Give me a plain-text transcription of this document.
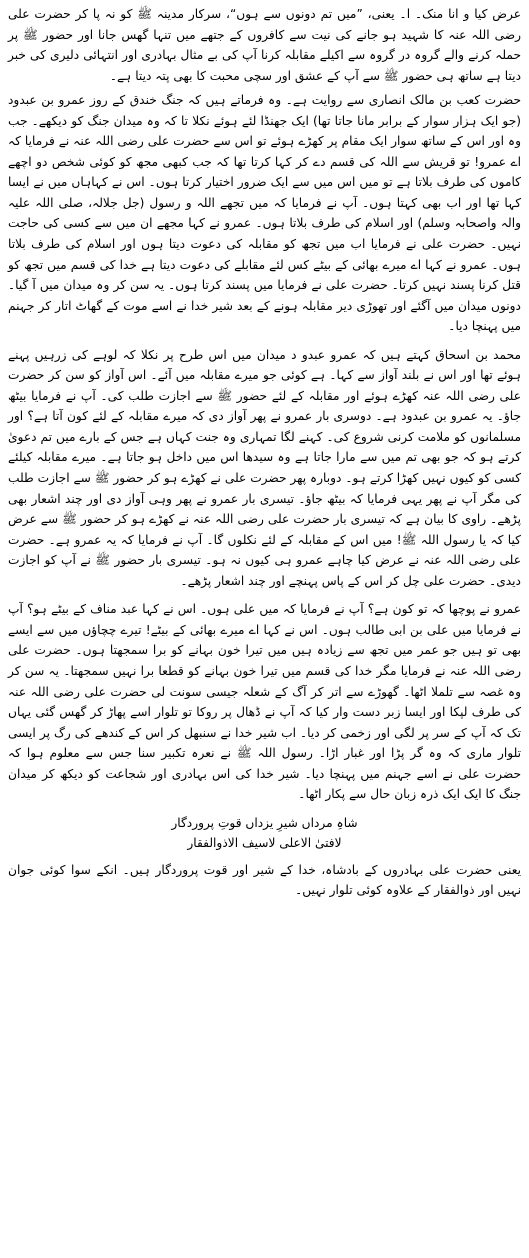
عرض کیا و انا منک۔ ا۔ یعنی، ”میں تم دونوں سے ہوں“، سرکار مدینہ ﷺ کو نہ پا کر حضرت علی رضی اللہ عنہ کا شہید ہو جانے کی نیت سے کافروں کے جتھے میں تنہا گھس جانا اور حضور ﷺ پر حملہ کرنے والے گروہ در گروہ سے اکیلے مقابلہ کرنا آپ کی بے مثال بہادری اور انتہائی دلیری کی خبر دیتا ہے ساتھ ہی حضور ﷺ سے آپ کے عشق اور سچی محبت کا بھی پتہ دیتا ہے۔

حضرت کعب بن مالک انصاری سے روایت ہے۔ وہ فرماتے ہیں کہ جنگ خندق کے روز عمرو بن عبدود (جو ایک ہزار سوار کے برابر مانا جاتا تھا) ایک جھنڈا لئے ہوئے نکلا تا کہ وہ میدان جنگ کو دیکھے۔ جب وہ اور اس کے ساتھ سوار ایک مقام پر کھڑے ہوئے تو اس سے حضرت علی رضی اللہ عنہ نے فرمایا کہ اے عمرو! تو قریش سے اللہ کی قسم دے کر کہا کرتا تھا کہ جب کبھی مجھ کو کوئی شخص دو اچھے کاموں کی طرف بلاتا ہے تو میں اس میں سے ایک ضرور اختیار کرتا ہوں۔ اس نے کہاہاں میں نے ایسا کہا تھا اور اب بھی کہتا ہوں۔ آپ نے فرمایا کہ میں تجھے اللہ و رسول (جل جلالہ، صلی اللہ علیہ والہ واصحابہ وسلم) اور اسلام کی طرف بلاتا ہوں۔ عمرو نے کہا مجھے ان میں سے کسی کی حاجت نہیں۔ حضرت علی نے فرمایا اب میں تجھ کو مقابلہ کی دعوت دیتا ہوں اور اسلام کی طرف بلاتا ہوں۔ عمرو نے کہا اے میرے بھائی کے بیٹے کس لئے مقابلے کی دعوت دیتا ہے خدا کی قسم میں تجھ کو قتل کرنا پسند نہیں کرتا۔ حضرت علی نے فرمایا میں پسند کرتا ہوں۔ یہ سن کر وہ میدان میں آ گیا۔ دونوں میدان میں آگئے اور تھوڑی دیر مقابلہ ہونے کے بعد شیر خدا نے اسے موت کے گھاٹ اتار کر جہنم میں پہنچا دیا۔

محمد بن اسحاق کہتے ہیں کہ عمرو عبدو د میدان میں اس طرح پر نکلا کہ لوہے کی زرہیں پہنے ہوئے تھا اور اس نے بلند آواز سے کہا۔ ہے کوئی جو میرے مقابلہ میں آئے۔ اس آواز کو سن کر حضرت علی رضی اللہ عنہ کھڑے ہوئے اور مقابلہ کے لئے حضور ﷺ سے اجازت طلب کی۔ آپ نے فرمایا بیٹھ جاؤ۔ یہ عمرو بن عبدود ہے۔ دوسری بار عمرو نے پھر آواز دی کہ میرے مقابلہ کے لئے کون آتا ہے؟ اور مسلمانوں کو ملامت کرنی شروع کی۔ کہنے لگا تمہاری وہ جنت کہاں ہے جس کے بارے میں تم دعویٰ کرتے ہو کہ جو بھی تم میں سے مارا جاتا ہے وہ سیدھا اس میں داخل ہو جاتا ہے۔ میرے مقابلہ کیلئے کسی کو کیوں نہیں کھڑا کرتے ہو۔ دوبارہ پھر حضرت علی نے کھڑے ہو کر حضور ﷺ سے اجازت طلب کی مگر آپ نے پھر یہی فرمایا کہ بیٹھ جاؤ۔ تیسری بار عمرو نے پھر وہی آواز دی اور چند اشعار بھی پڑھے۔ راوی کا بیان ہے کہ تیسری بار حضرت علی رضی اللہ عنہ نے کھڑے ہو کر حضور ﷺ سے عرض کیا کہ یا رسول اللہ ﷺ! میں اس کے مقابلہ کے لئے نکلوں گا۔ آپ نے فرمایا کہ یہ عمرو ہے۔ حضرت علی رضی اللہ عنہ نے عرض کیا چاہے عمرو ہی کیوں نہ ہو۔ تیسری بار حضور ﷺ نے آپ کو اجازت دیدی۔ حضرت علی چل کر اس کے پاس پہنچے اور چند اشعار پڑھے۔

عمرو نے پوچھا کہ تو کون ہے؟ آپ نے فرمایا کہ میں علی ہوں۔ اس نے کہا عبد مناف کے بیٹے ہو؟ آپ نے فرمایا میں علی بن ابی طالب ہوں۔ اس نے کہا اے میرے بھائی کے بیٹے! تیرے چچاؤں میں سے ایسے بھی تو ہیں جو عمر میں تجھ سے زیادہ ہیں میں تیرا خون بہانے کو برا سمجھتا ہوں۔ حضرت علی رضی اللہ عنہ نے فرمایا مگر خدا کی قسم میں تیرا خون بہانے کو قطعا برا نہیں سمجھتا۔ یہ سن کر وہ غصہ سے تلملا اٹھا۔ گھوڑے سے اتر کر آگ کے شعلہ جیسی سونت لی حضرت علی رضی اللہ عنہ کی طرف لپکا اور ایسا زبر دست وار کیا کہ آپ نے ڈھال پر روکا تو تلوار اسے پھاڑ کر گھس گئی یہاں تک کہ آپ کے سر پر لگی اور زخمی کر دیا۔ اب شیر خدا نے سنبھل کر اس کے کندھے کی رگ پر ایسی تلوار ماری کہ وہ گر پڑا اور غبار اڑا۔ رسول اللہ ﷺ نے نعرہ تکبیر سنا جس سے معلوم ہوا کہ حضرت علی نے اسے جہنم میں پہنچا دیا۔ شیر خدا کی اس بہادری اور شجاعت کو دیکھ کر میدان جنگ کا ایک ایک ذرہ زبان حال سے پکار اٹھا۔

شاہِ مرداں شیرِ یزداں قوتِ پروردگار
لافتیٰ الاعلی لاسیف الاذوالفقار

یعنی حضرت علی بہادروں کے بادشاہ، خدا کے شیر اور قوت پروردگار ہیں۔ انکے سوا کوئی جوان نہیں اور ذوالفقار کے علاوہ کوئی تلوار نہیں۔
